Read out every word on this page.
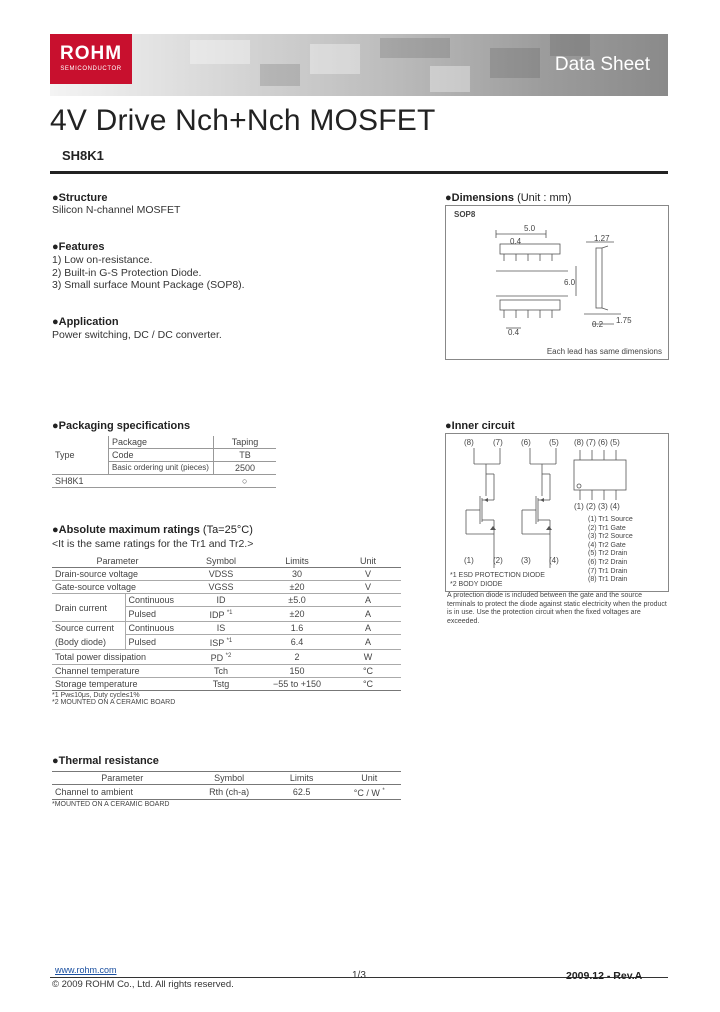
ROHM
SEMICONDUCTOR	Data Sheet
4V Drive Nch+Nch MOSFET
SH8K1
●Structure
Silicon N-channel MOSFET
●Features
1) Low on-resistance.
2) Built-in G-S Protection Diode.
3) Small surface Mount Package (SOP8).
●Application
Power switching, DC / DC converter.
●Dimensions (Unit : mm)
SOP8
5.0
0.4	1.27
6.0
0.2 1.75
0.4
Each lead has same dimensions
●Packaging specifications
Type	Package	Taping
	Code	TB
	Basic ordering unit (pieces)	2500
SH8K1		○
●Absolute maximum ratings (Ta=25°C)
<It is the same ratings for the Tr1 and Tr2.>
Parameter		Symbol	Limits	Unit
Drain-source voltage		VDSS	30	V
Gate-source voltage		VGSS	±20	V
Drain current	Continuous	ID	±5.0	A
	Pulsed	IDP $^{*1}$	±20	A
Source current	Continuous	IS	1.6	A
(Body diode)	Pulsed	ISP $^{*1}$	6.4	A
Total power dissipation		PD $^{*2}$	2	W
Channel temperature		Tch	150	°C
Storage temperature		Tstg	−55 to +150	°C
*1 Pw≤10μs, Duty cycle≤1%
*2 MOUNTED ON A CERAMIC BOARD
●Thermal resistance
Parameter	Symbol	Limits	Unit
Channel to ambient	Rth (ch-a)	62.5	°C / W *
*MOUNTED ON A CERAMIC BOARD
●Inner circuit
(8) (7) (6) (5) (8) (7) (6) (5)
(1) (2) (3) (4)
(1) (2) (3) (4)
(1) Tr1 Source
(2) Tr1 Gate
(3) Tr2 Source
(4) Tr2 Gate
(5) Tr2 Drain
(6) Tr2 Drain
(7) Tr1 Drain
(8) Tr1 Drain
*1 ESD PROTECTION DIODE
*2 BODY DIODE
A protection diode is included between the gate and the source terminals to protect the diode against static electricity when the product is in use. Use the protection circuit when the fixed voltages are exceeded.
www.rohm.com
© 2009 ROHM Co., Ltd. All rights reserved.
1/3	2009.12 - Rev.A
